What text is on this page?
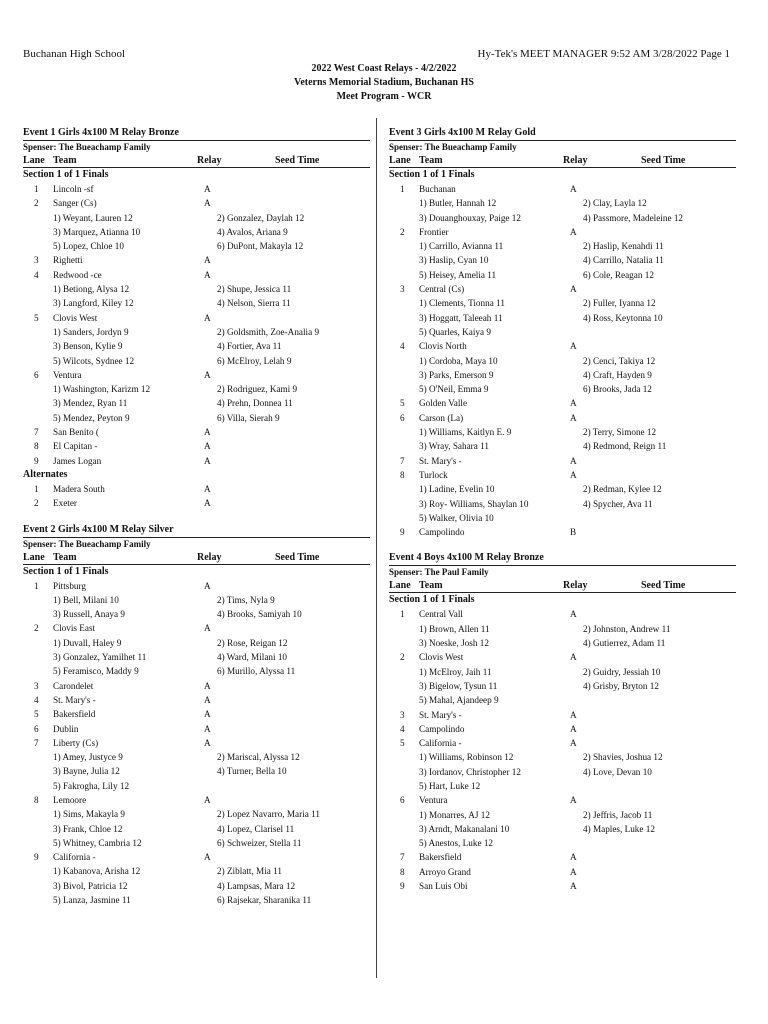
Buchanan High School	Hy-Tek's MEET MANAGER 9:52 AM 3/28/2022 Page 1
2022 West Coast Relays - 4/2/2022
Veterns Memorial Stadium, Buchanan HS
Meet Program - WCR
Event 1 Girls 4x100 M Relay Bronze
Spenser: The Bueachamp Family
Lane Team	Relay	Seed Time
Section 1 of 1 Finals
1	Lincoln -sf	A
2	Sanger (Cs)	A
1) Weyant, Lauren 12	2) Gonzalez, Daylah 12
3) Marquez, Atianna 10	4) Avalos, Ariana 9
5) Lopez, Chloe 10	6) DuPont, Makayla 12
3	Righetti	A
4	Redwood -ce	A
1) Betiong, Alysa 12	2) Shupe, Jessica 11
3) Langford, Kiley 12	4) Nelson, Sierra 11
5	Clovis West	A
1) Sanders, Jordyn 9	2) Goldsmith, Zoe-Analia 9
3) Benson, Kylie 9	4) Fortier, Ava 11
5) Wilcots, Sydnee 12	6) McElroy, Lelah 9
6	Ventura	A
1) Washington, Karizm 12	2) Rodriguez, Kami 9
3) Mendez, Ryan 11	4) Prehn, Donnea 11
5) Mendez, Peyton 9	6) Villa, Sierah 9
7	San Benito (	A
8	El Capitan -	A
9	James Logan	A
Alternates
1	Madera South	A
2	Exeter	A
Event 2 Girls 4x100 M Relay Silver
Spenser: The Bueachamp Family
Lane Team	Relay	Seed Time
Section 1 of 1 Finals
1	Pittsburg	A
1) Bell, Milani 10	2) Tims, Nyla 9
3) Russell, Anaya 9	4) Brooks, Samiyah 10
2	Clovis East	A
1) Duvall, Haley 9	2) Rose, Reigan 12
3) Gonzalez, Yamilhet 11	4) Ward, Milani 10
5) Feramisco, Maddy 9	6) Murillo, Alyssa 11
3	Carondelet	A
4	St. Mary's -	A
5	Bakersfield	A
6	Dublin	A
7	Liberty (Cs)	A
1) Amey, Justyce 9	2) Mariscal, Alyssa 12
3) Bayne, Julia 12	4) Turner, Bella 10
5) Fakrogha, Lily 12
8	Lemoore	A
1) Sims, Makayla 9	2) Lopez Navarro, Maria 11
3) Frank, Chloe 12	4) Lopez, Clarisel 11
5) Whitney, Cambria 12	6) Schweizer, Stella 11
9	California -	A
1) Kabanova, Arisha 12	2) Ziblatt, Mia 11
3) Bivol, Patricia 12	4) Lampsas, Mara 12
5) Lanza, Jasmine 11	6) Rajsekar, Sharanika 11
Event 3 Girls 4x100 M Relay Gold
Spenser: The Bueachamp Family
Lane Team	Relay	Seed Time
Section 1 of 1 Finals
1	Buchanan	A
1) Butler, Hannah 12	2) Clay, Layla 12
3) Douanghouxay, Paige 12	4) Passmore, Madeleine 12
2	Frontier	A
1) Carrillo, Avianna 11	2) Haslip, Kenahdi 11
3) Haslip, Cyan 10	4) Carrillo, Natalia 11
5) Heisey, Amelia 11	6) Cole, Reagan 12
3	Central (Cs)	A
1) Clements, Tionna 11	2) Fuller, Iyanna 12
3) Hoggatt, Taleeah 11	4) Ross, Keytonna 10
5) Quarles, Kaiya 9
4	Clovis North	A
1) Cordoba, Maya 10	2) Cenci, Takiya 12
3) Parks, Emerson 9	4) Craft, Hayden 9
5) O'Neil, Emma 9	6) Brooks, Jada 12
5	Golden Valle	A
6	Carson (La)	A
1) Williams, Kaitlyn E. 9	2) Terry, Simone 12
3) Wray, Sahara 11	4) Redmond, Reign 11
7	St. Mary's -	A
8	Turlock	A
1) Ladine, Evelin 10	2) Redman, Kylee 12
3) Roy- Williams, Shaylan 10	4) Spycher, Ava 11
5) Walker, Olivia 10
9	Campolindo	B
Event 4 Boys 4x100 M Relay Bronze
Spenser: The Paul Family
Lane Team	Relay	Seed Time
Section 1 of 1 Finals
1	Central Vall	A
1) Brown, Allen 11	2) Johnston, Andrew 11
3) Noeske, Josh 12	4) Gutierrez, Adam 11
2	Clovis West	A
1) McElroy, Jaih 11	2) Guidry, Jessiah 10
3) Bigelow, Tysun 11	4) Grisby, Bryton 12
5) Mahal, Ajandeep 9
3	St. Mary's -	A
4	Campolindo	A
5	California -	A
1) Williams, Robinson 12	2) Shavies, Joshua 12
3) Iordanov, Christopher 12	4) Love, Devan 10
5) Hart, Luke 12
6	Ventura	A
1) Monarres, AJ 12	2) Jeffris, Jacob 11
3) Arndt, Makanalani 10	4) Maples, Luke 12
5) Anestos, Luke 12
7	Bakersfield	A
8	Arroyo Grand	A
9	San Luis Obi	A
